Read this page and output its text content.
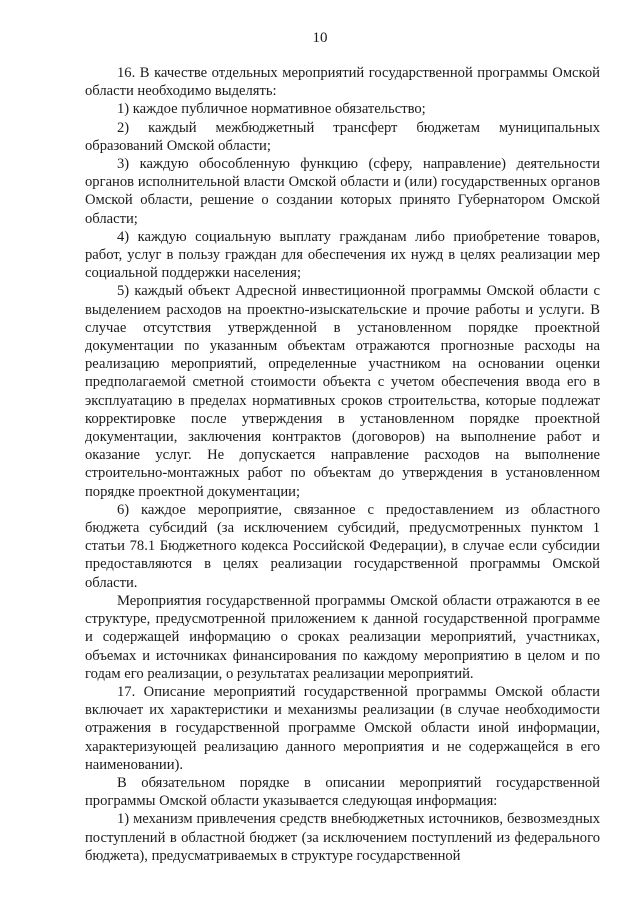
10

16. В качестве отдельных мероприятий государственной программы Омской области необходимо выделять:

1) каждое публичное нормативное обязательство;

2) каждый межбюджетный трансферт бюджетам муниципальных образований Омской области;

3) каждую обособленную функцию (сферу, направление) деятельности органов исполнительной власти Омской области и (или) государственных органов Омской области, решение о создании которых принято Губернатором Омской области;

4) каждую социальную выплату гражданам либо приобретение товаров, работ, услуг в пользу граждан для обеспечения их нужд в целях реализации мер социальной поддержки населения;

5) каждый объект Адресной инвестиционной программы Омской области с выделением расходов на проектно-изыскательские и прочие работы и услуги. В случае отсутствия утвержденной в установленном порядке проектной документации по указанным объектам отражаются прогнозные расходы на реализацию мероприятий, определенные участником на основании оценки предполагаемой сметной стоимости объекта с учетом обеспечения ввода его в эксплуатацию в пределах нормативных сроков строительства, которые подлежат корректировке после утверждения в установленном порядке проектной документации, заключения контрактов (договоров) на выполнение работ и оказание услуг. Не допускается направление расходов на выполнение строительно-монтажных работ по объектам до утверждения в установленном порядке проектной документации;

6) каждое мероприятие, связанное с предоставлением из областного бюджета субсидий (за исключением субсидий, предусмотренных пунктом 1 статьи 78.1 Бюджетного кодекса Российской Федерации), в случае если субсидии предоставляются в целях реализации государственной программы Омской области.

Мероприятия государственной программы Омской области отражаются в ее структуре, предусмотренной приложением к данной государственной программе и содержащей информацию о сроках реализации мероприятий, участниках, объемах и источниках финансирования по каждому мероприятию в целом и по годам его реализации, о результатах реализации мероприятий.

17. Описание мероприятий государственной программы Омской области включает их характеристики и механизмы реализации (в случае необходимости отражения в государственной программе Омской области иной информации, характеризующей реализацию данного мероприятия и не содержащейся в его наименовании).

В обязательном порядке в описании мероприятий государственной программы Омской области указывается следующая информация:

1) механизм привлечения средств внебюджетных источников, безвозмездных поступлений в областной бюджет (за исключением поступлений из федерального бюджета), предусматриваемых в структуре государственной
